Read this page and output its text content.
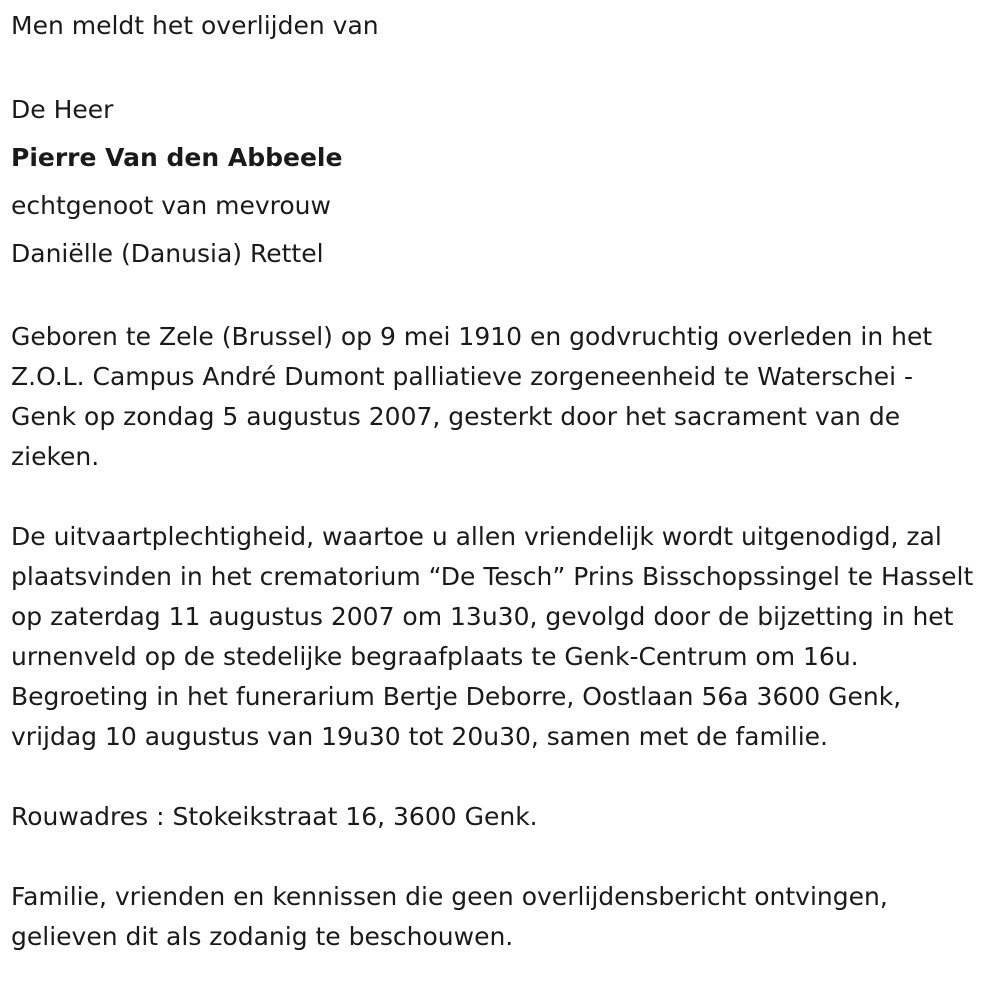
Men meldt het overlijden van

De Heer

Pierre Van den Abbeele

echtgenoot van mevrouw

Daniëlle (Danusia) Rettel

Geboren te Zele (Brussel) op 9 mei 1910 en godvruchtig overleden in het Z.O.L. Campus André Dumont palliatieve zorgeneenheid te Waterschei - Genk op zondag 5 augustus 2007, gesterkt door het sacrament van de zieken.

De uitvaartplechtigheid, waartoe u allen vriendelijk wordt uitgenodigd, zal plaatsvinden in het crematorium “De Tesch” Prins Bisschopssingel te Hasselt op zaterdag 11 augustus 2007 om 13u30, gevolgd door de bijzetting in het urnenveld op de stedelijke begraafplaats te Genk-Centrum om 16u. Begroeting in het funerarium Bertje Deborre, Oostlaan 56a 3600 Genk, vrijdag 10 augustus van 19u30 tot 20u30, samen met de familie.

Rouwadres : Stokeikstraat 16, 3600 Genk.

Familie, vrienden en kennissen die geen overlijdensbericht ontvingen, gelieven dit als zodanig te beschouwen.
